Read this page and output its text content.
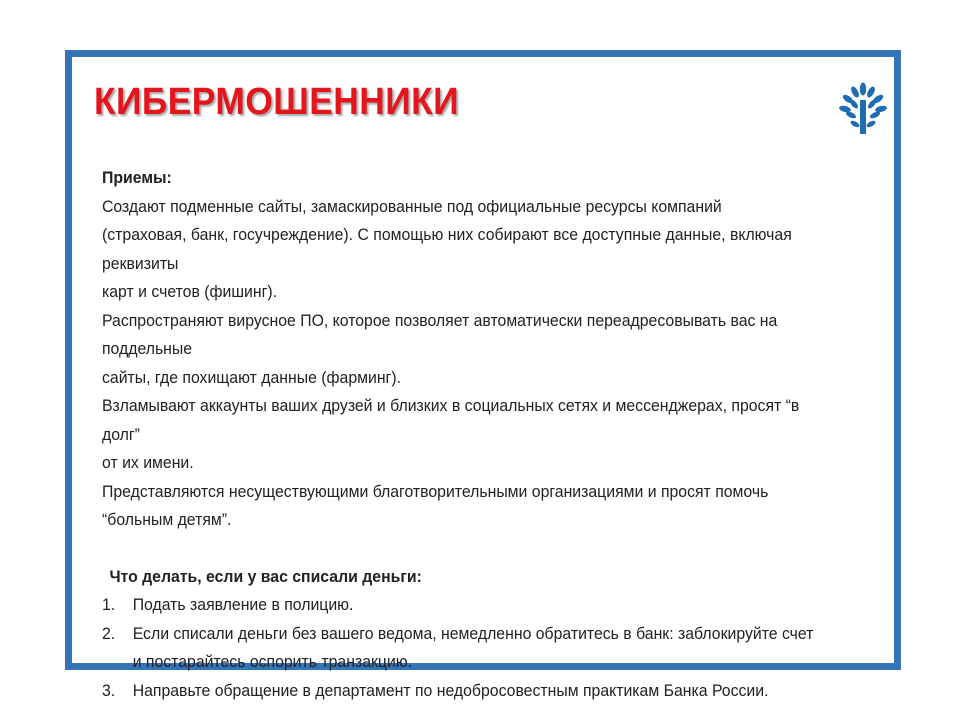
КИБЕРМОШЕННИКИ

Приемы:

Создают подменные сайты, замаскированные под официальные ресурсы компаний

(страховая, банк, госучреждение). С помощью них собирают все доступные данные, включая реквизиты

карт и счетов (фишинг).

Распространяют вирусное ПО, которое позволяет автоматически переадресовывать вас на поддельные

сайты, где похищают данные (фарминг).

Взламывают аккаунты ваших друзей и близких в социальных сетях и мессенджерах, просят “в долг”

от их имени.

Представляются несуществующими благотворительными организациями и просят помочь

“больным детям”.

Что делать, если у вас списали деньги:

1.	Подать заявление в полицию.
2.	Если списали деньги без вашего ведома, немедленно обратитесь в банк: заблокируйте счет
и постарайтесь оспорить транзакцию.
3.	Направьте обращение в департамент по недобросовестным практикам Банка России.
